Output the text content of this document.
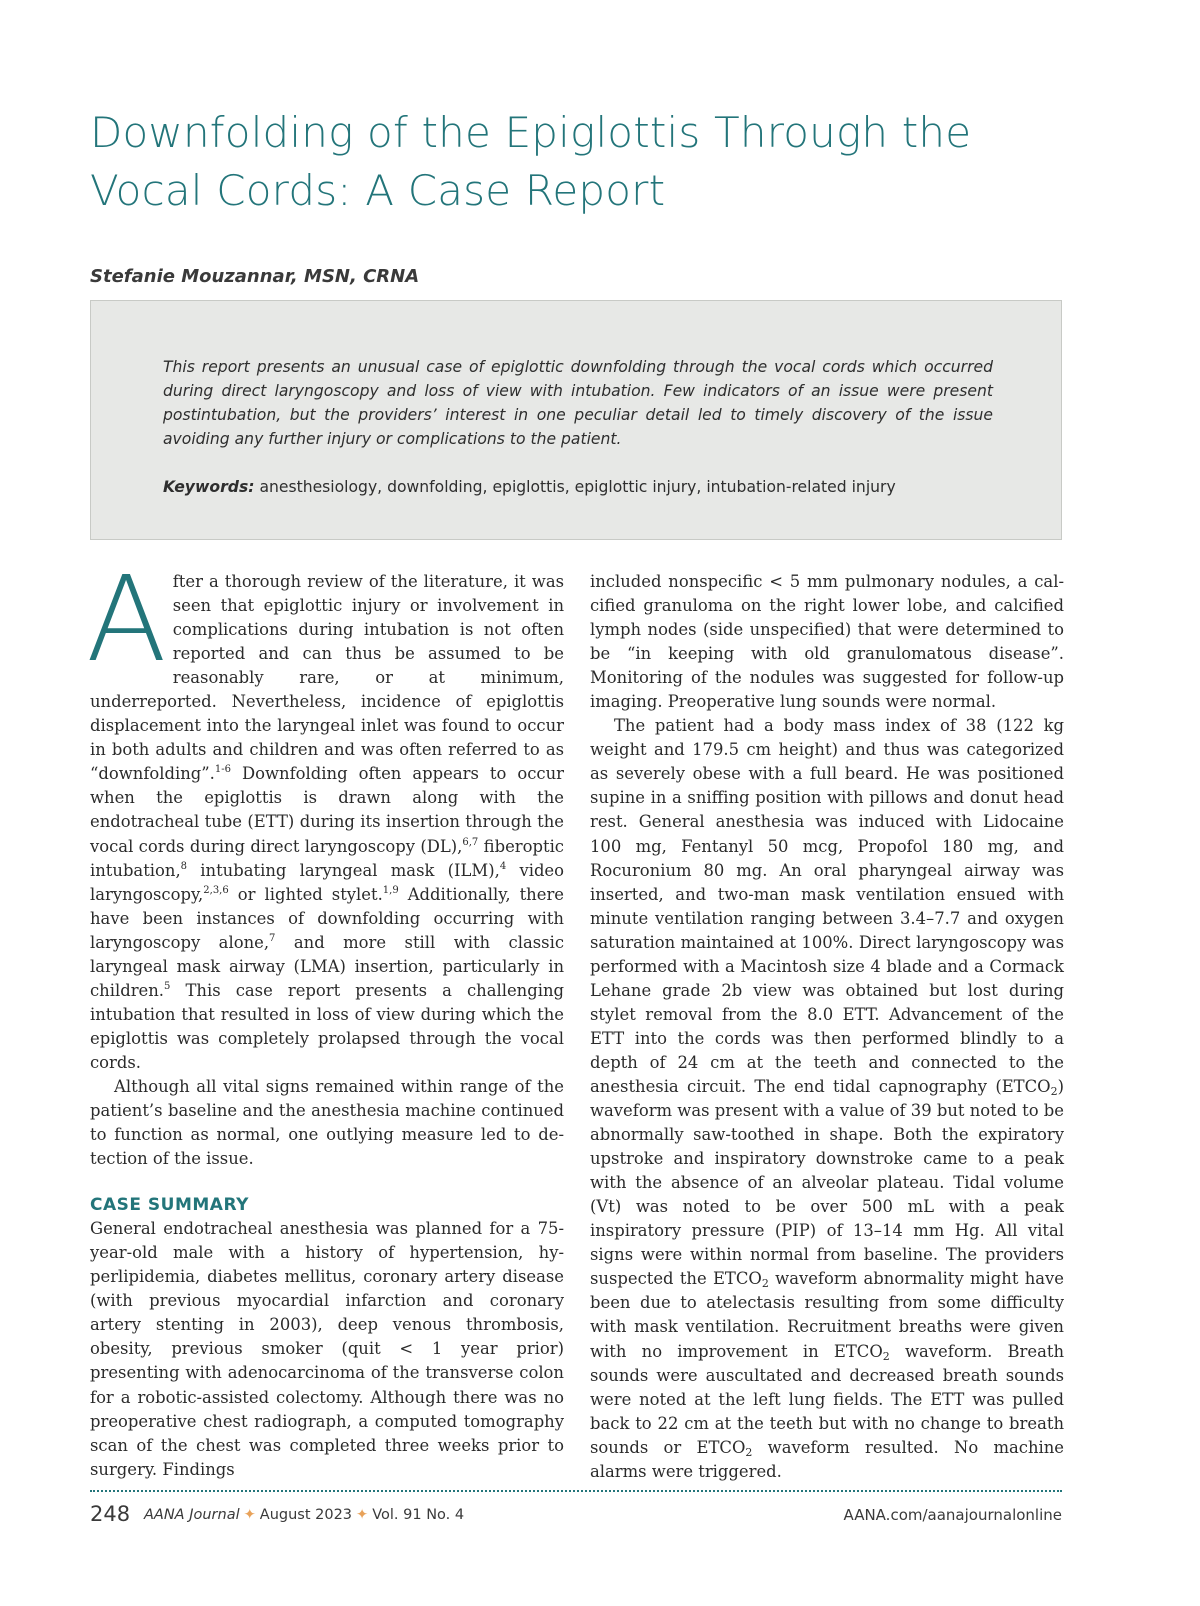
Downfolding of the Epiglottis Through the Vocal Cords: A Case Report

Stefanie Mouzannar, MSN, CRNA

This report presents an unusual case of epiglottic downfolding through the vocal cords which occurred during direct laryngoscopy and loss of view with intubation. Few indicators of an issue were present postintubation, but the providers’ interest in one peculiar detail led to timely discovery of the issue avoiding any further injury or complications to the patient.

Keywords: anesthesiology, downfolding, epiglottis, epiglottic injury, intubation-related injury

After a thorough review of the literature, it was seen that epiglottic injury or involvement in complications during intubation is not often reported and can thus be assumed to be reasonably rare, or at minimum, underreported. Nevertheless, incidence of epiglottis displacement into the laryngeal inlet was found to occur in both adults and children and was often referred to as “downfolding”.$^{1-6}$ Downfolding often appears to occur when the epiglottis is drawn along with the endotracheal tube (ETT) during its insertion through the vocal cords during direct laryngoscopy (DL),$^{6,7}$ fiberoptic intubation,$^8$ intubating laryngeal mask (ILM),$^4$ video laryngoscopy,$^{2,3,6}$ or lighted stylet.$^{1,9}$ Additionally, there have been instances of downfolding occurring with laryngoscopy alone,$^7$ and more still with classic laryngeal mask airway (LMA) insertion, particularly in children.$^5$ This case report presents a challenging intubation that resulted in loss of view during which the epiglottis was completely prolapsed through the vocal cords.

Although all vital signs remained within range of the patient’s baseline and the anesthesia machine continued to function as normal, one outlying measure led to detection of the issue.

CASE SUMMARY

General endotracheal anesthesia was planned for a 75-year-old male with a history of hypertension, hyperlipidemia, diabetes mellitus, coronary artery disease (with previous myocardial infarction and coronary artery stenting in 2003), deep venous thrombosis, obesity, previous smoker (quit < 1 year prior) presenting with adenocarcinoma of the transverse colon for a robotic-assisted colectomy. Although there was no preoperative chest radiograph, a computed tomography scan of the chest was completed three weeks prior to surgery. Findings

included nonspecific < 5 mm pulmonary nodules, a calcified granuloma on the right lower lobe, and calcified lymph nodes (side unspecified) that were determined to be “in keeping with old granulomatous disease”. Monitoring of the nodules was suggested for follow-up imaging. Preoperative lung sounds were normal.

The patient had a body mass index of 38 (122 kg weight and 179.5 cm height) and thus was categorized as severely obese with a full beard. He was positioned supine in a sniffing position with pillows and donut head rest. General anesthesia was induced with Lidocaine 100 mg, Fentanyl 50 mcg, Propofol 180 mg, and Rocuronium 80 mg. An oral pharyngeal airway was inserted, and two-man mask ventilation ensued with minute ventilation ranging between 3.4–7.7 and oxygen saturation maintained at 100%. Direct laryngoscopy was performed with a Macintosh size 4 blade and a Cormack Lehane grade 2b view was obtained but lost during stylet removal from the 8.0 ETT. Advancement of the ETT into the cords was then performed blindly to a depth of 24 cm at the teeth and connected to the anesthesia circuit. The end tidal capnography $(ETCO_2)$ waveform was present with a value of 39 but noted to be abnormally saw-toothed in shape. Both the expiratory upstroke and inspiratory downstroke came to a peak with the absence of an alveolar plateau. Tidal volume (Vt) was noted to be over 500 mL with a peak inspiratory pressure (PIP) of 13–14 mm Hg. All vital signs were within normal from baseline. The providers suspected the $ETCO_2$ waveform abnormality might have been due to atelectasis resulting from some difficulty with mask ventilation. Recruitment breaths were given with no improvement in $ETCO_2$ waveform. Breath sounds were auscultated and decreased breath sounds were noted at the left lung fields. The ETT was pulled back to 22 cm at the teeth but with no change to breath sounds or $ETCO_2$ waveform resulted. No machine alarms were triggered.

248 AANA Journal ✦ August 2023 ✦ Vol. 91 No. 4	AANA.com/aanajournalonline
